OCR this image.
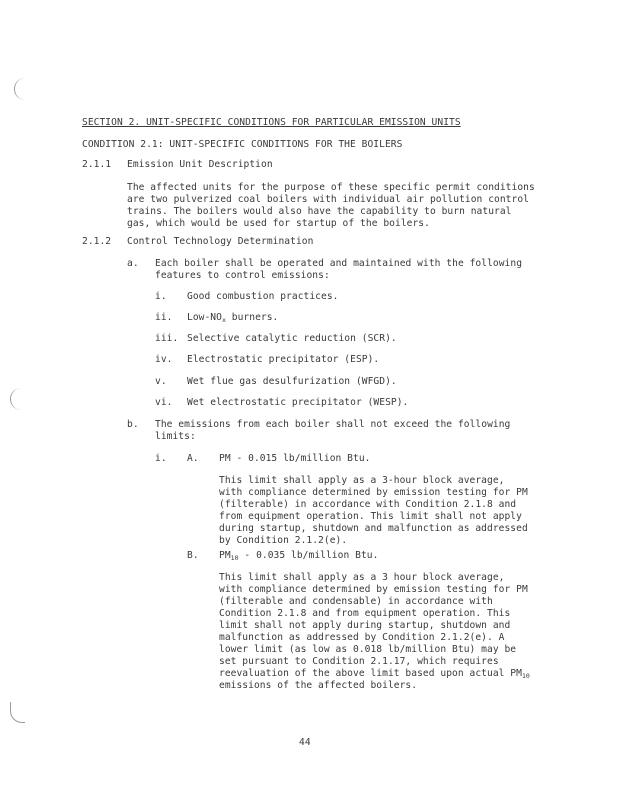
SECTION 2. UNIT-SPECIFIC CONDITIONS FOR PARTICULAR EMISSION UNITS
CONDITION 2.1: UNIT-SPECIFIC CONDITIONS FOR THE BOILERS
2.1.1 Emission Unit Description
The affected units for the purpose of these specific permit conditions
are two pulverized coal boilers with individual air pollution control
trains. The boilers would also have the capability to burn natural
gas, which would be used for startup of the boilers.
2.1.2 Control Technology Determination
a. Each boiler shall be operated and maintained with the following
features to control emissions:
i. Good combustion practices.
ii. Low-$NO_x$ burners.
iii. Selective catalytic reduction (SCR).
iv. Electrostatic precipitator (ESP).
v. Wet flue gas desulfurization (WFGD).
vi. Wet electrostatic precipitator (WESP).
b. The emissions from each boiler shall not exceed the following
limits:
i. A. PM - 0.015 lb/million Btu.
This limit shall apply as a 3-hour block average,
with compliance determined by emission testing for PM
(filterable) in accordance with Condition 2.1.8 and
from equipment operation. This limit shall not apply
during startup, shutdown and malfunction as addressed
by Condition 2.1.2(e).
B. $PM_{10} - 0.035$ lb/million Btu.
This limit shall apply as a 3 hour block average,
with compliance determined by emission testing for PM
(filterable and condensable) in accordance with
Condition 2.1.8 and from equipment operation. This
limit shall not apply during startup, shutdown and
malfunction as addressed by Condition 2.1.2(e). A
lower limit (as low as 0.018 lb/million Btu) may be
set pursuant to Condition 2.1.17, which requires
reevaluation of the above limit based upon actual $PM_{10}$
emissions of the affected boilers.
44
